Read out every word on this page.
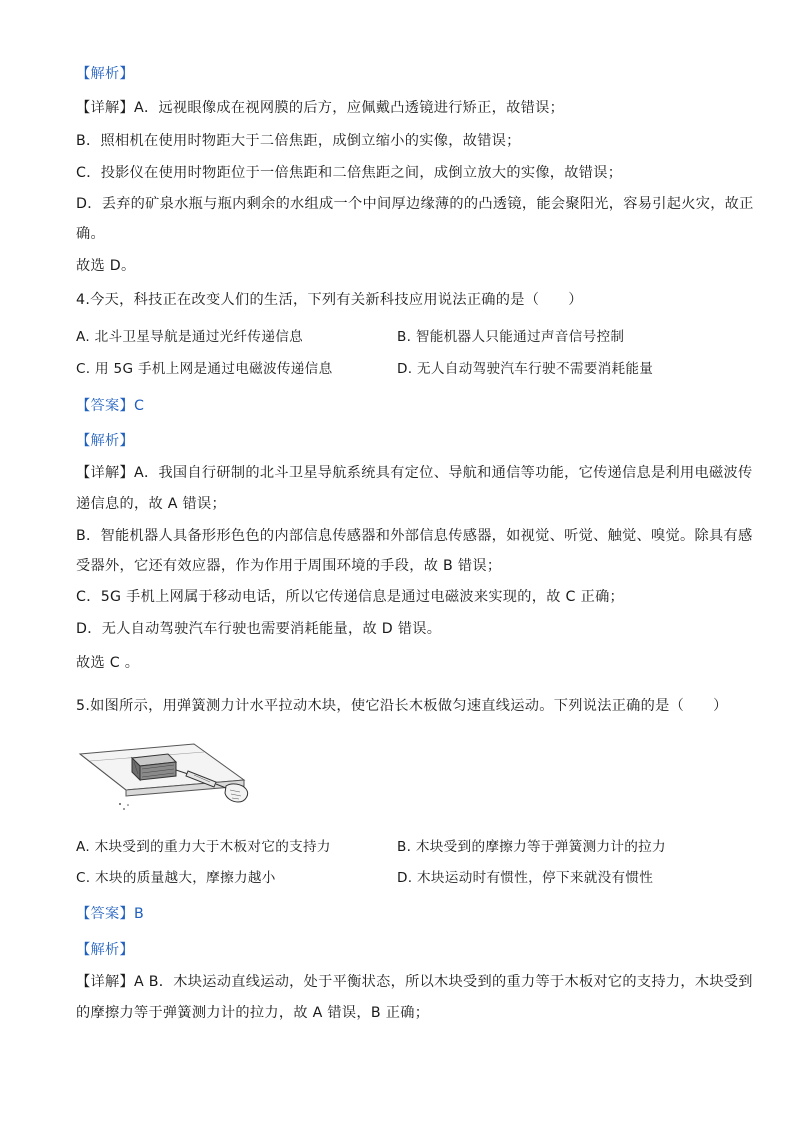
【解析】
【详解】A．远视眼像成在视网膜的后方，应佩戴凸透镜进行矫正，故错误；
B．照相机在使用时物距大于二倍焦距，成倒立缩小的实像，故错误；
C．投影仪在使用时物距位于一倍焦距和二倍焦距之间，成倒立放大的实像，故错误；
D．丢弃的矿泉水瓶与瓶内剩余的水组成一个中间厚边缘薄的的凸透镜，能会聚阳光，容易引起火灾，故正
确。
故选 D。
4.今天，科技正在改变人们的生活，下列有关新科技应用说法正确的是（　　）
A. 北斗卫星导航是通过光纤传递信息	B. 智能机器人只能通过声音信号控制
C. 用 5G 手机上网是通过电磁波传递信息	D. 无人自动驾驶汽车行驶不需要消耗能量
【答案】C
【解析】
【详解】A．我国自行研制的北斗卫星导航系统具有定位、导航和通信等功能，它传递信息是利用电磁波传
递信息的，故 A 错误；
B．智能机器人具备形形色色的内部信息传感器和外部信息传感器，如视觉、听觉、触觉、嗅觉。除具有感
受器外，它还有效应器，作为作用于周围环境的手段，故 B 错误；
C．5G 手机上网属于移动电话，所以它传递信息是通过电磁波来实现的，故 C 正确；
D．无人自动驾驶汽车行驶也需要消耗能量，故 D 错误。
故选 C 。
5.如图所示，用弹簧测力计水平拉动木块，使它沿长木板做匀速直线运动。下列说法正确的是（　　）
A. 木块受到的重力大于木板对它的支持力	B. 木块受到的摩擦力等于弹簧测力计的拉力
C. 木块的质量越大，摩擦力越小	D. 木块运动时有惯性，停下来就没有惯性
【答案】B
【解析】
【详解】A B．木块运动直线运动，处于平衡状态，所以木块受到的重力等于木板对它的支持力，木块受到
的摩擦力等于弹簧测力计的拉力，故 A 错误，B 正确；
